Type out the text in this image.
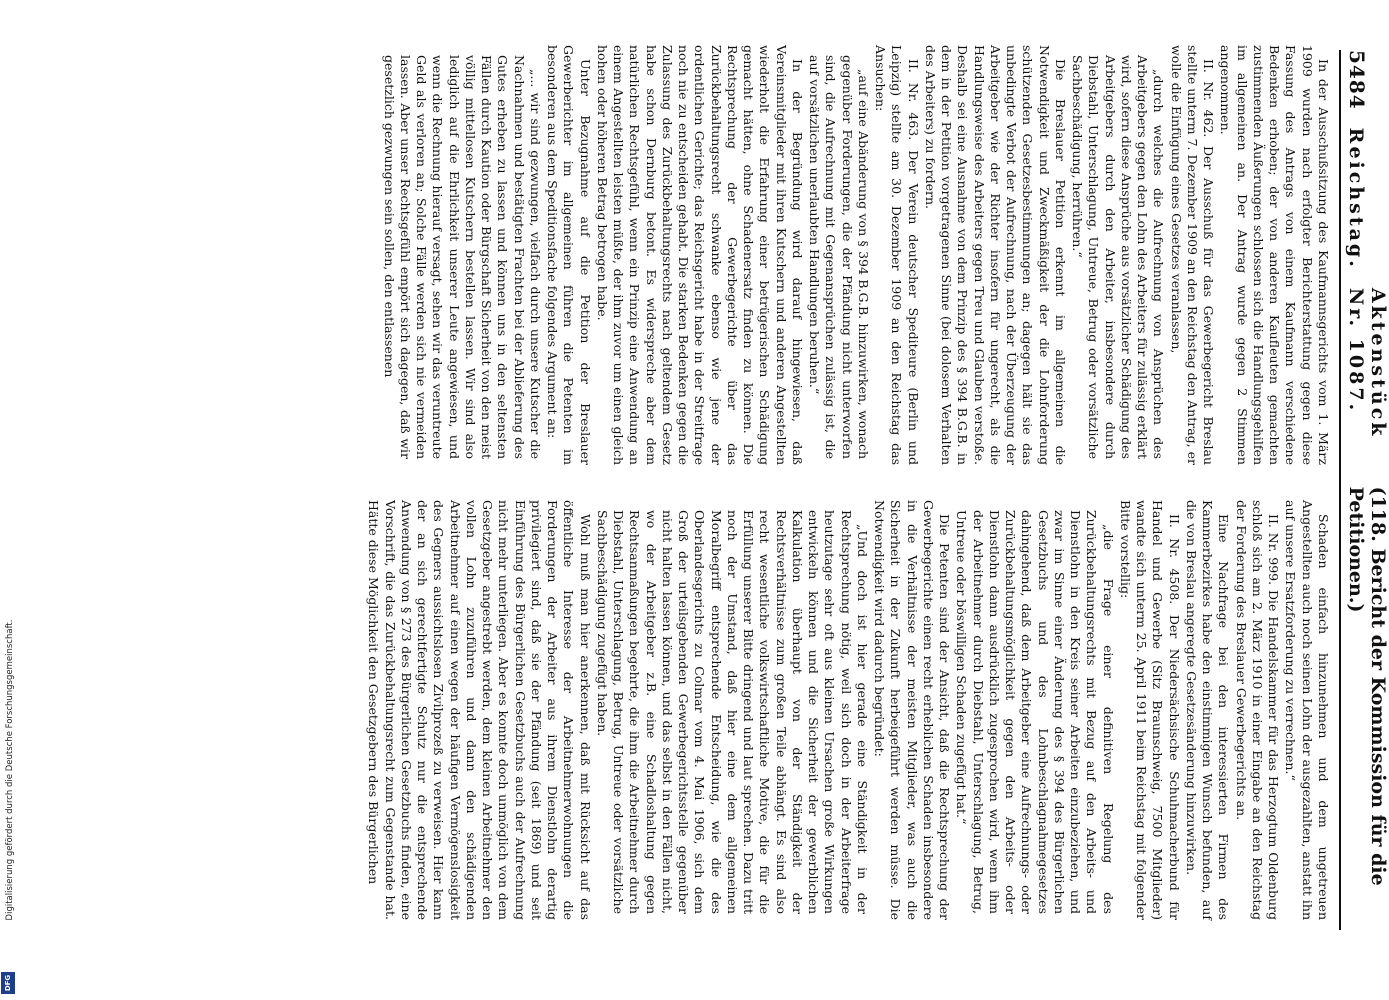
5484
Reichstag.
Aktenstück Nr. 1087.
(118. Bericht der Kommission für die Petitionen.)

In der Ausschußsitzung des Kaufmannsgerichts vom 1. März 1909 wurden nach erfolgter Berichterstattung gegen diese Fassung des Antrags von einem Kaufmann verschiedene Bedenken erhoben; der von anderen Kaufleuten gemachten zustimmenden Äußerungen schlossen sich die Handlungsgehilfen im allgemeinen an. Der Antrag wurde gegen 2 Stimmen angenommen.

II. Nr. 462. Der Ausschuß für das Gewerbegericht Breslau stellte unterm 7. Dezember 1909 an den Reichstag den Antrag, er wolle die Einfügung eines Gesetzes veranlassen,

„durch welches die Aufrechnung von Ansprüchen des Arbeitgebers gegen den Lohn des Arbeiters für zulässig erklärt wird, sofern diese Ansprüche aus vorsätzlicher Schädigung des Arbeitgebers durch den Arbeiter, insbesondere durch Diebstahl, Unterschlagung, Untreue, Betrug oder vorsätzliche Sachbeschädigung, herrühren.“

Die Breslauer Petition erkennt im allgemeinen die Notwendigkeit und Zweckmäßigkeit der die Lohnforderung schützenden Gesetzesbestimmungen an; dagegen hält sie das unbedingte Verbot der Aufrechnung, nach der Überzeugung der Arbeitgeber wie der Richter insofern für ungerecht, als die Handlungsweise des Arbeiters gegen Treu und Glauben verstoße. Deshalb sei eine Ausnahme von dem Prinzip des § 394 B.G.B. in dem in der Petition vorgetragenen Sinne (bei dolosem Verhalten des Arbeiters) zu fordern.

II. Nr. 463. Der Verein deutscher Spediteure (Berlin und Leipzig) stellte am 30. Dezember 1909 an den Reichstag das Ansuchen:

„auf eine Abänderung von § 394 B.G.B. hinzuwirken, wonach gegenüber Forderungen, die der Pfändung nicht unterworfen sind, die Aufrechnung mit Gegenansprüchen zulässig ist, die auf vorsätzlichen unerlaubten Handlungen beruhen.“

In der Begründung wird darauf hingewiesen, daß Vereinsmitglieder mit ihren Kutschern und anderen Angestellten wiederholt die Erfahrung einer betrügerischen Schädigung gemacht hätten, ohne Schadenersatz finden zu können. Die Rechtsprechung der Gewerbegerichte über das Zurückbehaltungsrecht schwanke ebenso wie jene der ordentlichen Gerichte; das Reichsgericht habe in der Streitfrage noch nie zu entscheiden gehabt. Die starken Bedenken gegen die Zulassung des Zurückbehaltungsrechts nach geltendem Gesetz habe schon Dernburg betont. Es widerspreche aber dem natürlichen Rechtsgefühl, wenn ein Prinzip eine Anwendung an einem Angestellten leisten müßte, der ihm zuvor um einen gleich hohen oder höheren Betrag betrogen habe.

Unter Bezugnahme auf die Petition der Breslauer Gewerberichter im allgemeinen führen die Petenten im besonderen aus dem Speditionsfache folgendes Argument an:

„... wir sind gezwungen, vielfach durch unsere Kutscher die Nachnahmen und bestätigten Frachten bei der Ablieferung des Gutes erheben zu lassen und können uns in den seltensten Fällen durch Kaution oder Bürgschaft Sicherheit von den meist völlig mittellosen Kutschern bestellen lassen. Wir sind also lediglich auf die Ehrlichkeit unserer Leute angewiesen, und wenn die Rechnung hierauf versagt, sehen wir das veruntreute Geld als verloren an; Solche Fälle werden sich nie vermeiden lassen. Aber unser Rechtsgefühl empört sich dagegen, daß wir gesetzlich gezwungen sein sollen, den entlassenen

Schaden einfach hinzunehmen und dem ungetreuen Angestellten auch noch seinen Lohn der ausgezahlten, anstatt ihn auf unsere Ersatzforderung zu verrechnen.“

II. Nr. 999. Die Handelskammer für das Herzogtum Oldenburg schloß sich am 2. März 1910 in einer Eingabe an den Reichstag der Forderung des Breslauer Gewerbegerichts an.

Eine Nachfrage bei den interessierten Firmen des Kammerbezirkes habe den einstimmigen Wunsch befunden, auf die von Breslau angeregte Gesetzesänderung hinzuwirken.

II. Nr. 4508. Der Niedersächsische Schuhmacherbund für Handel und Gewerbe (Sitz Braunschweig, 7500 Mitglieder) wandte sich unterm 25. April 1911 beim Reichstag mit folgender Bitte vorstellig:

„die Frage einer definitiven Regelung des Zurückbehaltungsrechts mit Bezug auf den Arbeits- und Dienstlohn in den Kreis seiner Arbeiten einzubeziehen, und zwar im Sinne einer Änderung des § 394 des Bürgerlichen Gesetzbuchs und des Lohnbeschlagnahmegesetzes dahingehend, daß dem Arbeitgeber eine Aufrechnungs- oder Zurückbehaltungsmöglichkeit gegen den Arbeits- oder Dienstlohn dann ausdrücklich zugesprochen wird, wenn ihm der Arbeitnehmer durch Diebstahl, Unterschlagung, Betrug, Untreue oder böswilligen Schaden zugefügt hat.“

Die Petenten sind der Ansicht, daß die Rechtsprechung der Gewerbegerichte einen recht erheblichen Schaden insbesondere in die Verhältnisse der meisten Mitglieder, was auch die Sicherheit in der Zukunft herbeigeführt werden müsse. Die Notwendigkeit wird dadurch begründet:

„Und doch ist hier gerade eine Ständigkeit in der Rechtsprechung nötig, weil sich doch in der Arbeiterfrage heutzutage sehr oft aus kleinen Ursachen große Wirkungen entwickeln können und die Sicherheit der gewerblichen Kalkulation überhaupt von der Ständigkeit der Rechtsverhältnisse zum großen Teile abhängt. Es sind also recht wesentliche volkswirtschaftliche Motive, die für die Erfüllung unserer Bitte dringend und laut sprechen. Dazu tritt noch der Umstand, daß hier eine dem allgemeinen Moralbegriff entsprechende Entscheidung, wie die des Oberlandesgerichts zu Colmar vom 4. Mai 1906, sich dem Groß der urteilsgebenden Gewerbegerichtsstelle gegenüber nicht halten lassen können, und das selbst in den Fällen nicht, wo der Arbeitgeber z.B. eine Schadloshaltung gegen Rechtsanmaßungen begehrte, die ihm die Arbeitnehmer durch Diebstahl, Unterschlagung, Betrug, Untreue oder vorsätzliche Sachbeschädigung zugefügt haben.

Wohl muß man hier anerkennen, daß mit Rücksicht auf das öffentliche Interesse der Arbeitnehmerwohnungen die Forderungen der Arbeiter aus ihrem Dienstlohn derartig privilegiert sind, daß sie der Pfändung (seit 1869) und seit Einführung des Bürgerlichen Gesetzbuchs auch der Aufrechnung nicht mehr unterliegen. Aber es konnte doch unmöglich von dem Gesetzgeber angestrebt werden, dem kleinen Arbeitnehmer den vollen Lohn zuzuführen und dann den schädigenden Arbeitnehmer auf einen wegen der häufigen Vermögenslosigkeit des Gegners aussichtslosen Zivilprozeß zu verweisen. Hier kann der an sich gerechtfertigte Schutz nur die entsprechende Anwendung von § 273 des Bürgerlichen Gesetzbuchs finden, eine Vorschrift, die das Zurückbehaltungsrecht zum Gegenstande hat. Hätte diese Möglichkeit den Gesetzgebern des Bürgerlichen

Digitalisierung gefördert durch die Deutsche Forschungsgemeinschaft.
DFG
